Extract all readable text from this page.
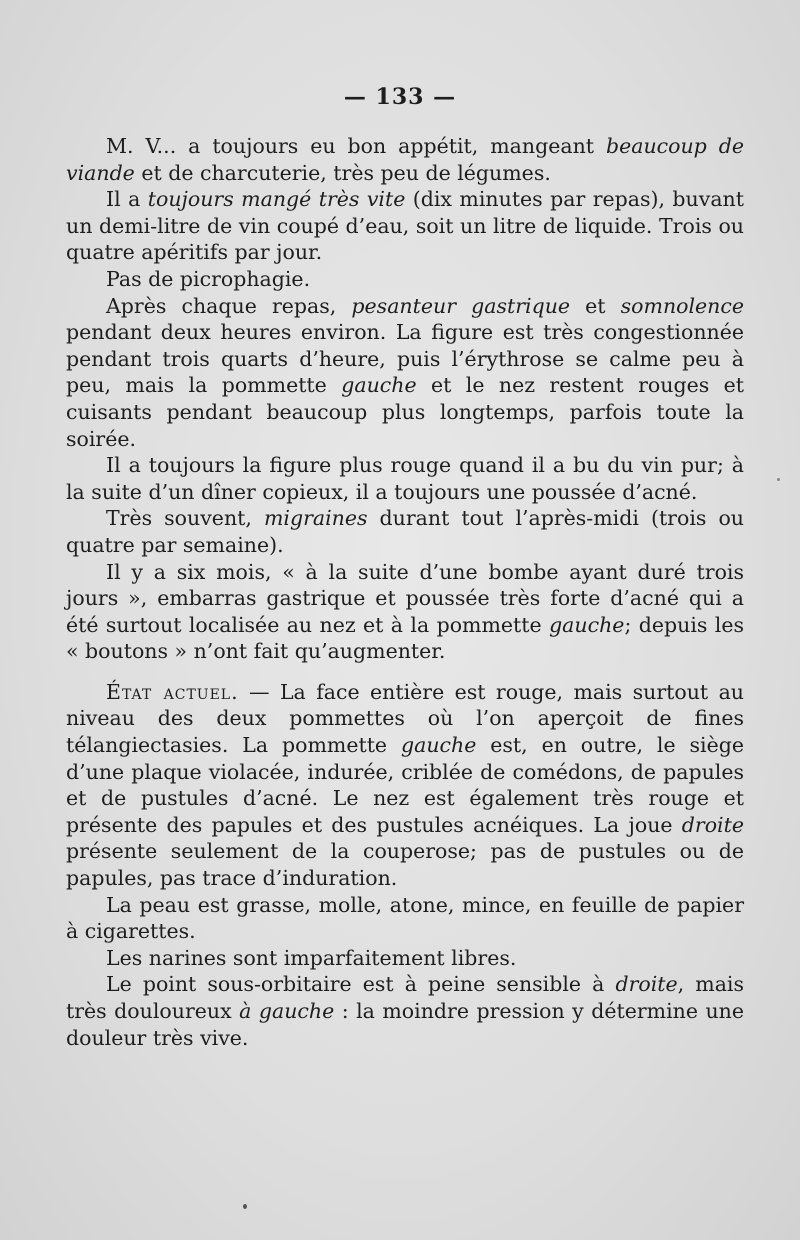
— 133 —

M. V... a toujours eu bon appétit, mangeant beaucoup de viande et de charcuterie, très peu de légumes.

Il a toujours mangé très vite (dix minutes par repas), buvant un demi-litre de vin coupé d’eau, soit un litre de liquide. Trois ou quatre apéritifs par jour.

Pas de picrophagie.

Après chaque repas, pesanteur gastrique et somnolence pendant deux heures environ. La figure est très congestionnée pendant trois quarts d’heure, puis l’érythrose se calme peu à peu, mais la pommette gauche et le nez restent rouges et cuisants pendant beaucoup plus longtemps, parfois toute la soirée.

Il a toujours la figure plus rouge quand il a bu du vin pur; à la suite d’un dîner copieux, il a toujours une poussée d’acné.

Très souvent, migraines durant tout l’après-midi (trois ou quatre par semaine).

Il y a six mois, « à la suite d’une bombe ayant duré trois jours », embarras gastrique et poussée très forte d’acné qui a été surtout localisée au nez et à la pommette gauche; depuis les « boutons » n’ont fait qu’augmenter.

État actuel. — La face entière est rouge, mais surtout au niveau des deux pommettes où l’on aperçoit de fines télangiectasies. La pommette gauche est, en outre, le siège d’une plaque violacée, indurée, criblée de comédons, de papules et de pustules d’acné. Le nez est également très rouge et présente des papules et des pustules acnéiques. La joue droite présente seulement de la couperose; pas de pustules ou de papules, pas trace d’induration.

La peau est grasse, molle, atone, mince, en feuille de papier à cigarettes.

Les narines sont imparfaitement libres.

Le point sous-orbitaire est à peine sensible à droite, mais très douloureux à gauche : la moindre pression y détermine une douleur très vive.
